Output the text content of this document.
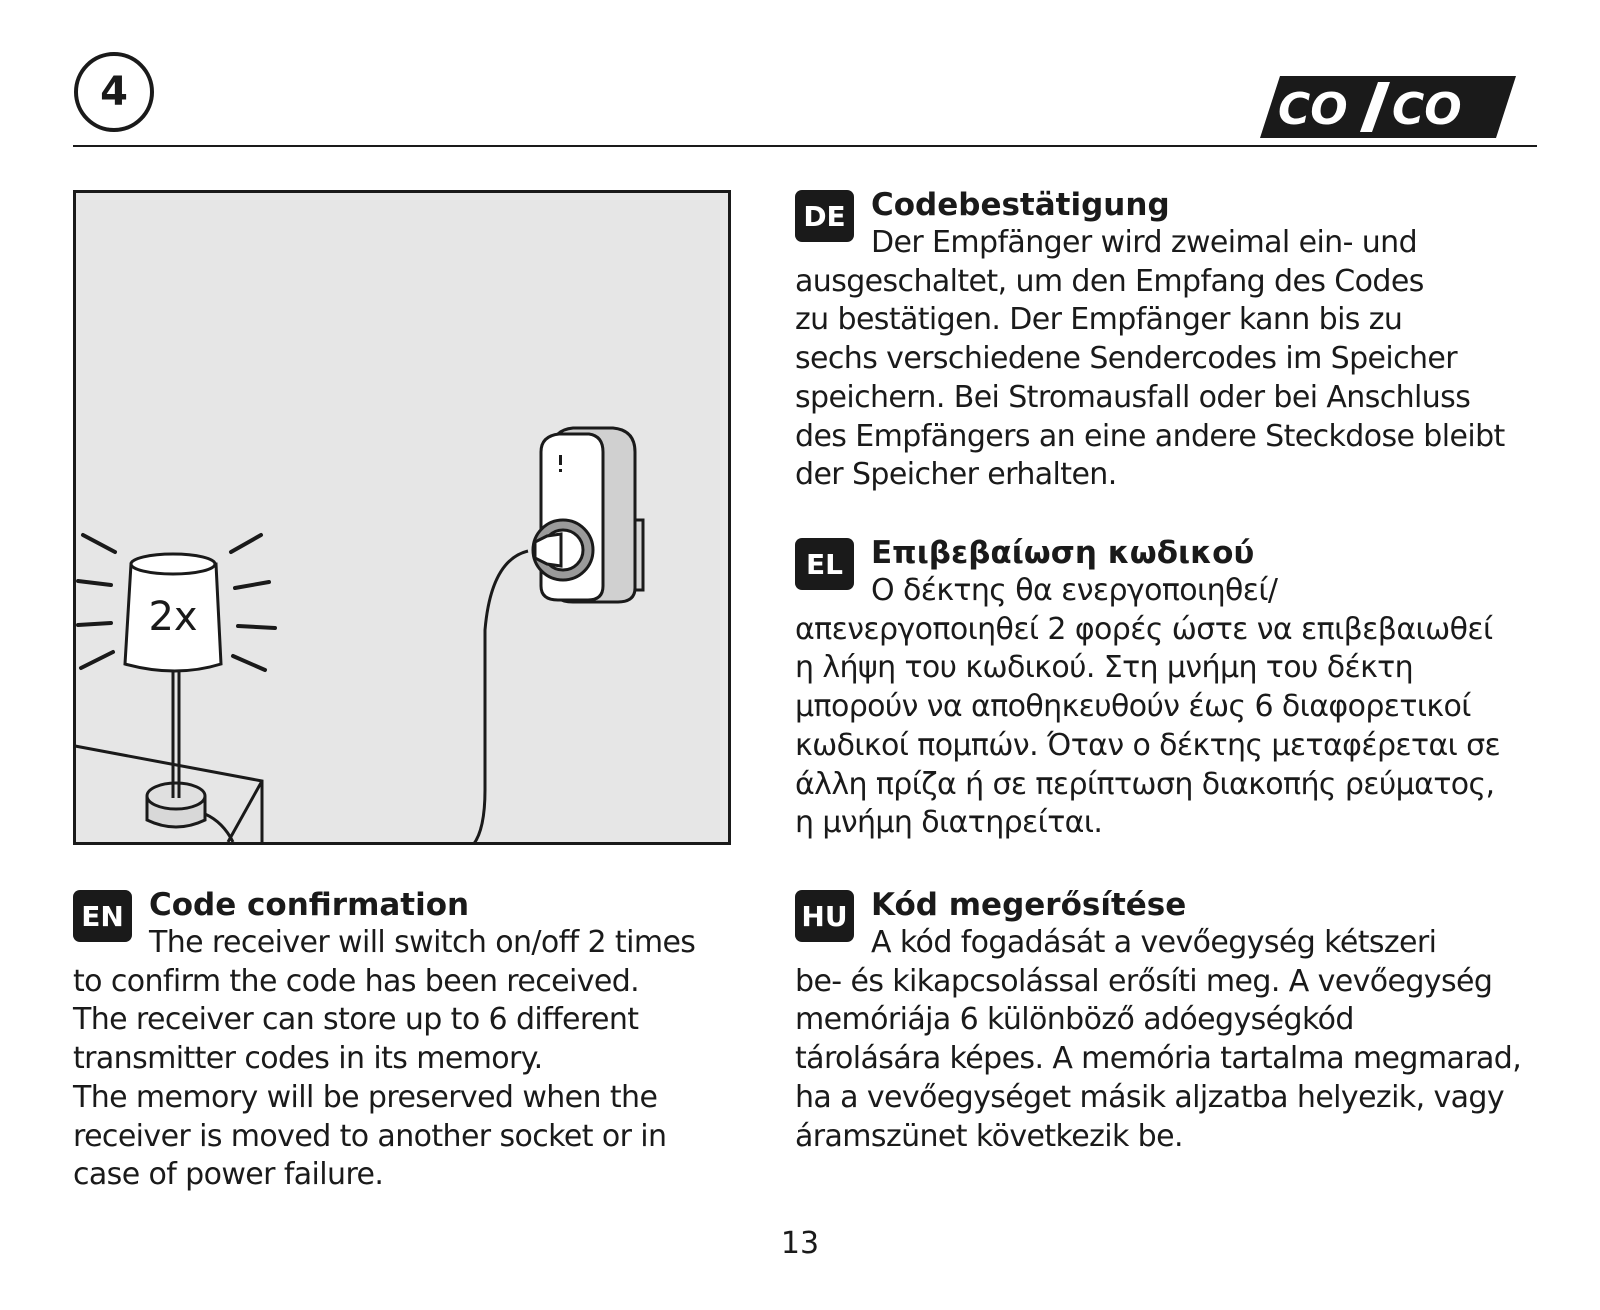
4	CO CO
2x
EN Code confirmation

The receiver will switch on/off 2 times

to confirm the code has been received.

The receiver can store up to 6 different

transmitter codes in its memory.

The memory will be preserved when the

receiver is moved to another socket or in

case of power failure.

DE Codebestätigung

Der Empfänger wird zweimal ein- und

ausgeschaltet, um den Empfang des Codes

zu bestätigen. Der Empfänger kann bis zu

sechs verschiedene Sendercodes im Speicher

speichern. Bei Stromausfall oder bei Anschluss

des Empfängers an eine andere Steckdose bleibt

der Speicher erhalten.

EL Επιβεβαίωση κωδικού

Ο δέκτης θα ενεργοποιηθεί/

απενεργοποιηθεί 2 φορές ώστε να επιβεβαιωθεί

η λήψη του κωδικού. Στη μνήμη του δέκτη

μπορούν να αποθηκευθούν έως 6 διαφορετικοί

κωδικοί πομπών. Όταν ο δέκτης μεταφέρεται σε

άλλη πρίζα ή σε περίπτωση διακοπής ρεύματος,

η μνήμη διατηρείται.

HU Kód megerősítése

A kód fogadását a vevőegység kétszeri

be- és kikapcsolással erősíti meg. A vevőegység

memóriája 6 különböző adóegységkód

tárolására képes. A memória tartalma megmarad,

ha a vevőegységet másik aljzatba helyezik, vagy

áramszünet következik be.

13
